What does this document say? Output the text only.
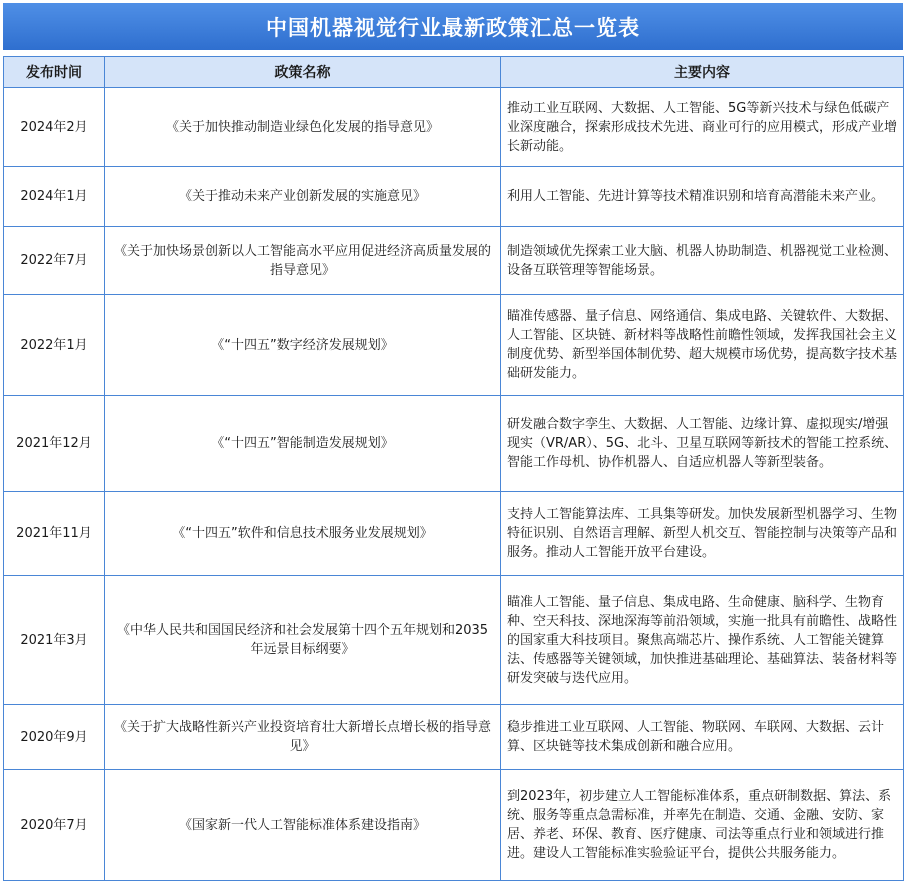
中国机器视觉行业最新政策汇总一览表
发布时间	政策名称	主要内容
2024年2月	《关于加快推动制造业绿色化发展的指导意见》	推动工业互联网、大数据、人工智能、5G等新兴技术与绿色低碳产业深度融合，探索形成技术先进、商业可行的应用模式，形成产业增长新动能。
2024年1月	《关于推动未来产业创新发展的实施意见》	利用人工智能、先进计算等技术精准识别和培育高潜能未来产业。
2022年7月	《关于加快场景创新以人工智能高水平应用促进经济高质量发展的指导意见》	制造领域优先探索工业大脑、机器人协助制造、机器视觉工业检测、设备互联管理等智能场景。
2022年1月	《“十四五”数字经济发展规划》	瞄准传感器、量子信息、网络通信、集成电路、关键软件、大数据、人工智能、区块链、新材料等战略性前瞻性领域，发挥我国社会主义制度优势、新型举国体制优势、超大规模市场优势，提高数字技术基础研发能力。
2021年12月	《“十四五”智能制造发展规划》	研发融合数字孪生、大数据、人工智能、边缘计算、虚拟现实/增强现实（VR/AR）、5G、北斗、卫星互联网等新技术的智能工控系统、智能工作母机、协作机器人、自适应机器人等新型装备。
2021年11月	《“十四五”软件和信息技术服务业发展规划》	支持人工智能算法库、工具集等研发。加快发展新型机器学习、生物特征识别、自然语言理解、新型人机交互、智能控制与决策等产品和服务。推动人工智能开放平台建设。
2021年3月	《中华人民共和国国民经济和社会发展第十四个五年规划和2035年远景目标纲要》	瞄准人工智能、量子信息、集成电路、生命健康、脑科学、生物育种、空天科技、深地深海等前沿领域，实施一批具有前瞻性、战略性的国家重大科技项目。聚焦高端芯片、操作系统、人工智能关键算法、传感器等关键领域，加快推进基础理论、基础算法、装备材料等研发突破与迭代应用。
2020年9月	《关于扩大战略性新兴产业投资培育壮大新增长点增长极的指导意见》	稳步推进工业互联网、人工智能、物联网、车联网、大数据、云计算、区块链等技术集成创新和融合应用。
2020年7月	《国家新一代人工智能标准体系建设指南》	到2023年，初步建立人工智能标准体系，重点研制数据、算法、系统、服务等重点急需标准，并率先在制造、交通、金融、安防、家居、养老、环保、教育、医疗健康、司法等重点行业和领域进行推进。建设人工智能标准实验验证平台，提供公共服务能力。
